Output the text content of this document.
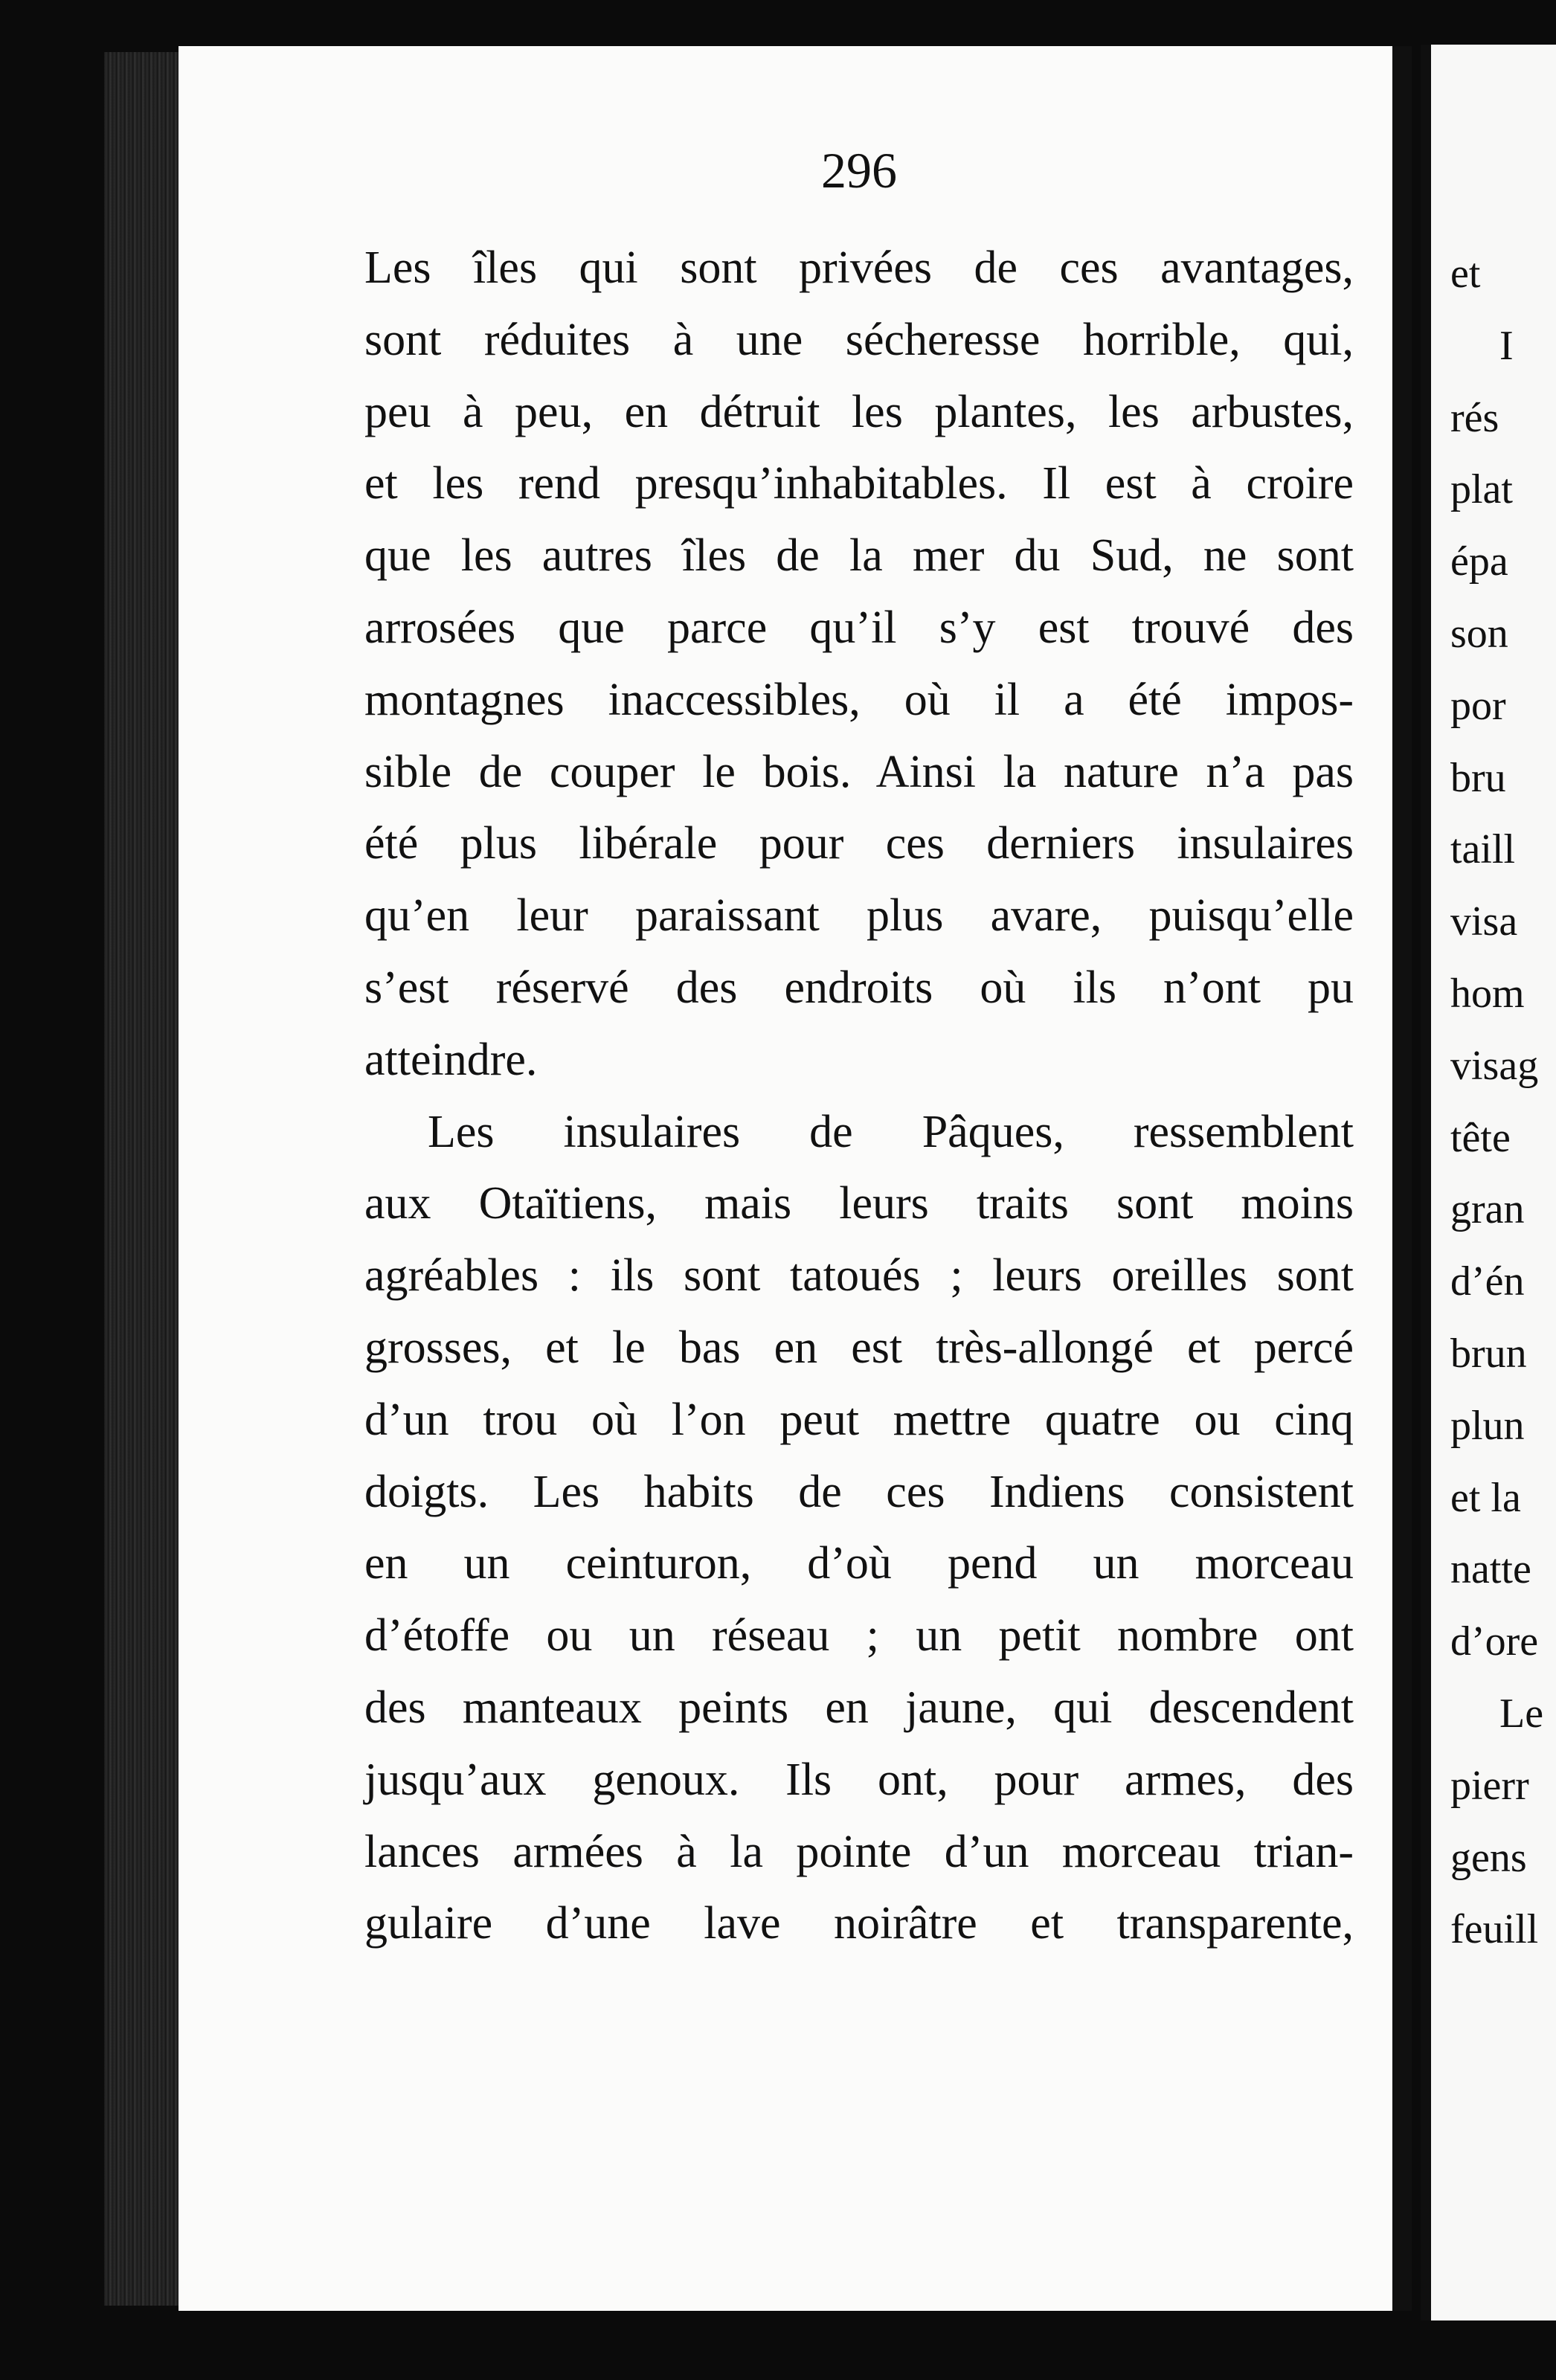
296
Les îles qui sont privées de ces avantages,
sont réduites à une sécheresse horrible, qui,
peu à peu, en détruit les plantes, les arbustes,
et les rend presqu’inhabitables. Il est à croire
que les autres îles de la mer du Sud, ne sont
arrosées que parce qu’il s’y est trouvé des
montagnes inaccessibles, où il a été impos-
sible de couper le bois. Ainsi la nature n’a pas
été plus libérale pour ces derniers insulaires
qu’en leur paraissant plus avare, puisqu’elle
s’est réservé des endroits où ils n’ont pu
atteindre.
Les insulaires de Pâques, ressemblent
aux Otaïtiens, mais leurs traits sont moins
agréables : ils sont tatoués ; leurs oreilles sont
grosses, et le bas en est très-allongé et percé
d’un trou où l’on peut mettre quatre ou cinq
doigts. Les habits de ces Indiens consistent
en un ceinturon, d’où pend un morceau
d’étoffe ou un réseau ; un petit nombre ont
des manteaux peints en jaune, qui descendent
jusqu’aux genoux. Ils ont, pour armes, des
lances armées à la pointe d’un morceau trian-
gulaire d’une lave noirâtre et transparente,
et
I
rés
plat
épa
son
por
bru
taill
visa
hom
visag
tête
gran
d’én
brun
plun
et la
natte
d’ore
Le
pierr
gens
feuill
